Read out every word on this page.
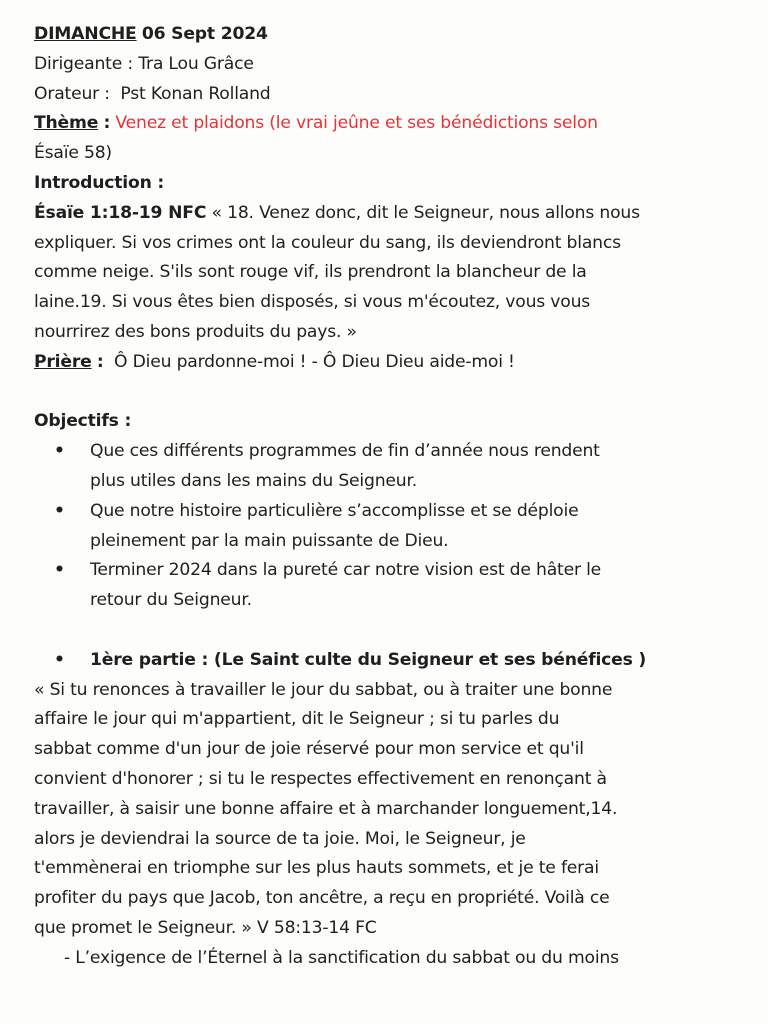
DIMANCHE 06 Sept 2024
Dirigeante : Tra Lou Grâce
Orateur :  Pst Konan Rolland
Thème : Venez et plaidons (le vrai jeûne et ses bénédictions selon
Ésaïe 58)
Introduction :
Ésaïe 1:18-19 NFC « 18. Venez donc, dit le Seigneur, nous allons nous
expliquer. Si vos crimes ont la couleur du sang, ils deviendront blancs
comme neige. S'ils sont rouge vif, ils prendront la blancheur de la
laine.19. Si vous êtes bien disposés, si vous m'écoutez, vous vous
nourrirez des bons produits du pays. »
Prière : Ô Dieu pardonne-moi ! - Ô Dieu Dieu aide-moi !
Objectifs :
• Que ces différents programmes de fin d’année nous rendent
plus utiles dans les mains du Seigneur.
• Que notre histoire particulière s’accomplisse et se déploie
pleinement par la main puissante de Dieu.
• Terminer 2024 dans la pureté car notre vision est de hâter le
retour du Seigneur.
• 1ère partie : (Le Saint culte du Seigneur et ses bénéfices )
« Si tu renonces à travailler le jour du sabbat, ou à traiter une bonne
affaire le jour qui m'appartient, dit le Seigneur ; si tu parles du
sabbat comme d'un jour de joie réservé pour mon service et qu'il
convient d'honorer ; si tu le respectes effectivement en renonçant à
travailler, à saisir une bonne affaire et à marchander longuement,14.
alors je deviendrai la source de ta joie. Moi, le Seigneur, je
t'emmènerai en triomphe sur les plus hauts sommets, et je te ferai
profiter du pays que Jacob, ton ancêtre, a reçu en propriété. Voilà ce
que promet le Seigneur. » V 58:13-14 FC
- L’exigence de l’Éternel à la sanctification du sabbat ou du moins
